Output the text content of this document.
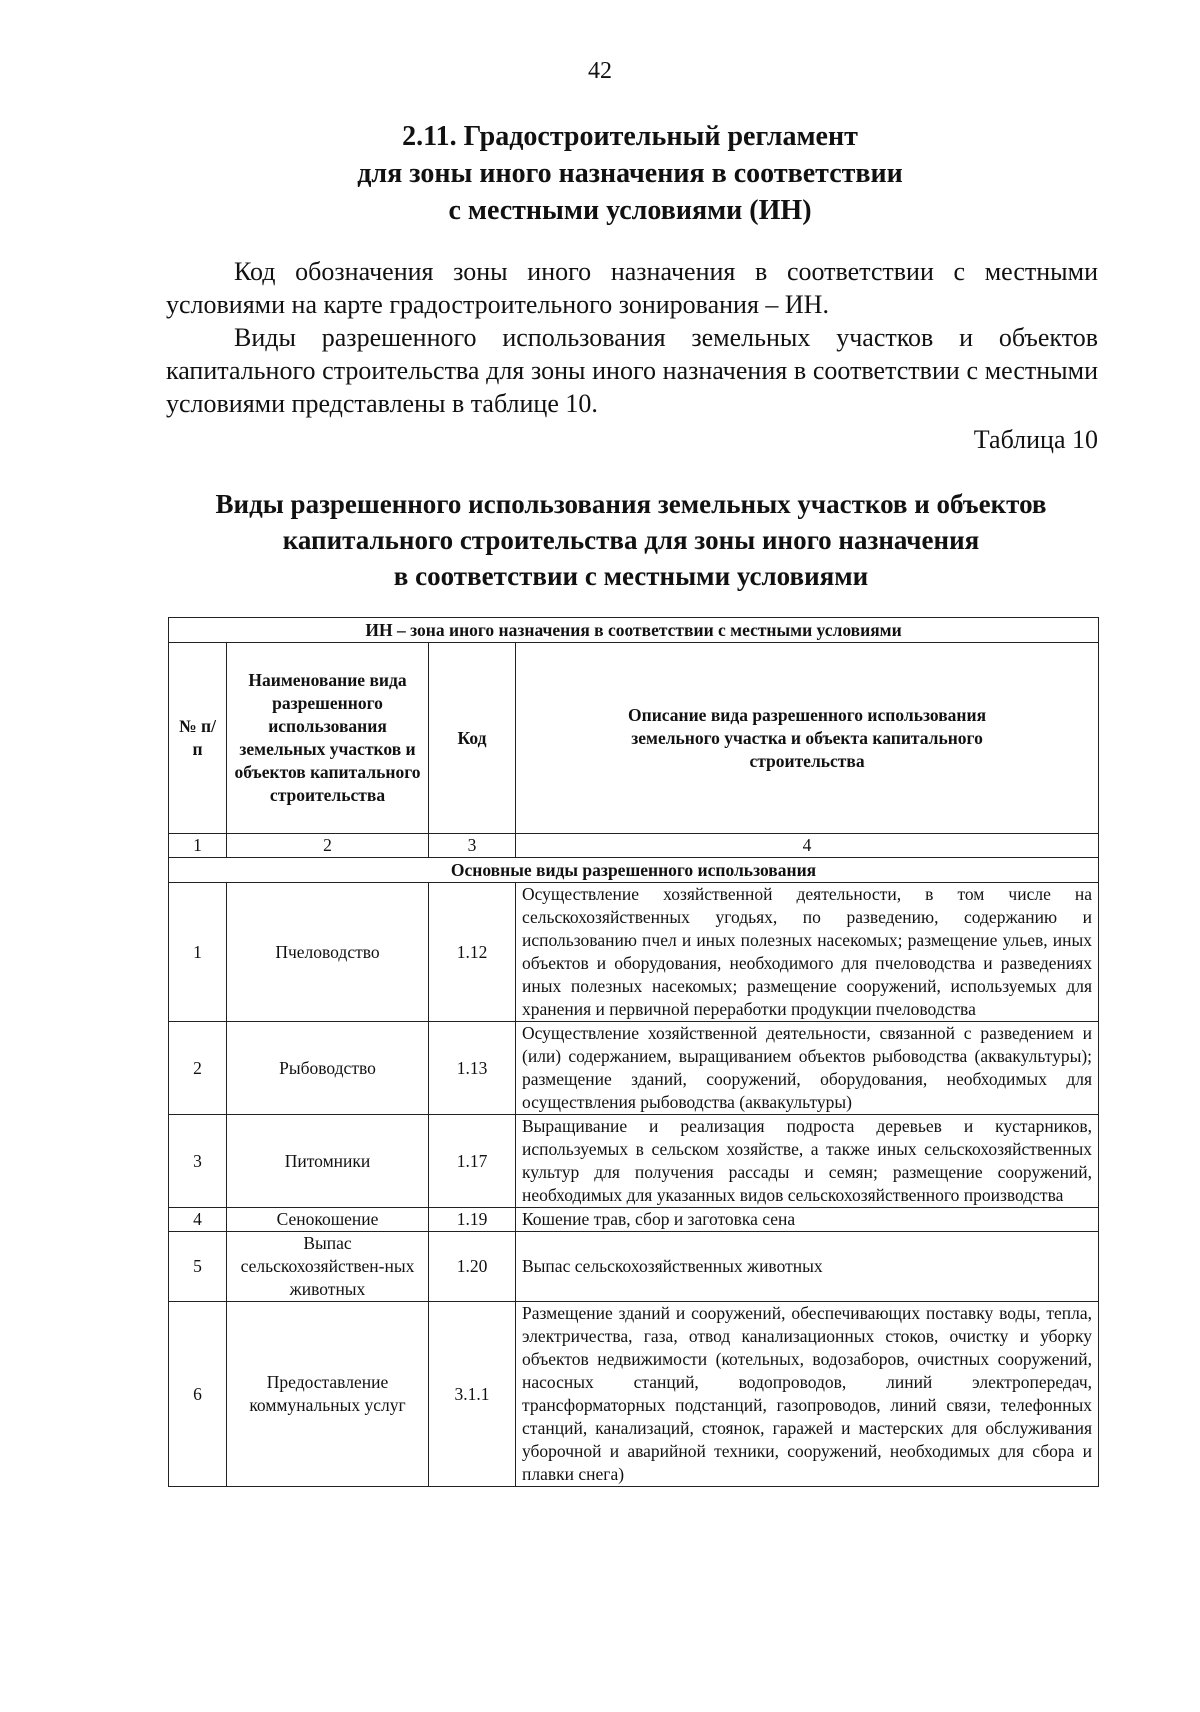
42
2.11. Градостроительный регламент
для зоны иного назначения в соответствии
с местными условиями (ИН)

Код обозначения зоны иного назначения в соответствии с местными условиями на карте градостроительного зонирования – ИН.

Виды разрешенного использования земельных участков и объектов капитального строительства для зоны иного назначения в соответствии с местными условиями представлены в таблице 10.

Таблица 10
Виды разрешенного использования земельных участков и объектов
капитального строительства для зоны иного назначения
в соответствии с местными условиями
ИН – зона иного назначения в соответствии с местными условиями			
№ п/п	Наименование вида разрешенного использования земельных участков и объектов капитального строительства	Код	Описание вида разрешенного использования земельного участка и объекта капитального строительства
1	2	3	4
Основные виды разрешенного использования			
1	Пчеловодство	1.12	Осуществление хозяйственной деятельности, в том числе на сельскохозяйственных угодьях, по разведению, содержанию и использованию пчел и иных полезных насекомых; размещение ульев, иных объектов и оборудования, необходимого для пчеловодства и разведениях иных полезных насекомых; размещение сооружений, используемых для хранения и первичной переработки продукции пчеловодства
2	Рыбоводство	1.13	Осуществление хозяйственной деятельности, связанной с разведением и (или) содержанием, выращиванием объектов рыбоводства (аквакультуры); размещение зданий, сооружений, оборудования, необходимых для осуществления рыбоводства (аквакультуры)
3	Питомники	1.17	Выращивание и реализация подроста деревьев и кустарников, используемых в сельском хозяйстве, а также иных сельскохозяйственных культур для получения рассады и семян; размещение сооружений, необходимых для указанных видов сельскохозяйственного производства
4	Сенокошение	1.19	Кошение трав, сбор и заготовка сена
5	Выпас сельскохозяйствен-ных животных	1.20	Выпас сельскохозяйственных животных
6	Предоставление коммунальных услуг	3.1.1	Размещение зданий и сооружений, обеспечивающих поставку воды, тепла, электричества, газа, отвод канализационных стоков, очистку и уборку объектов недвижимости (котельных, водозаборов, очистных сооружений, насосных станций, водопроводов, линий электропередач, трансформаторных подстанций, газопроводов, линий связи, телефонных станций, канализаций, стоянок, гаражей и мастерских для обслуживания уборочной и аварийной техники, сооружений, необходимых для сбора и плавки снега)
